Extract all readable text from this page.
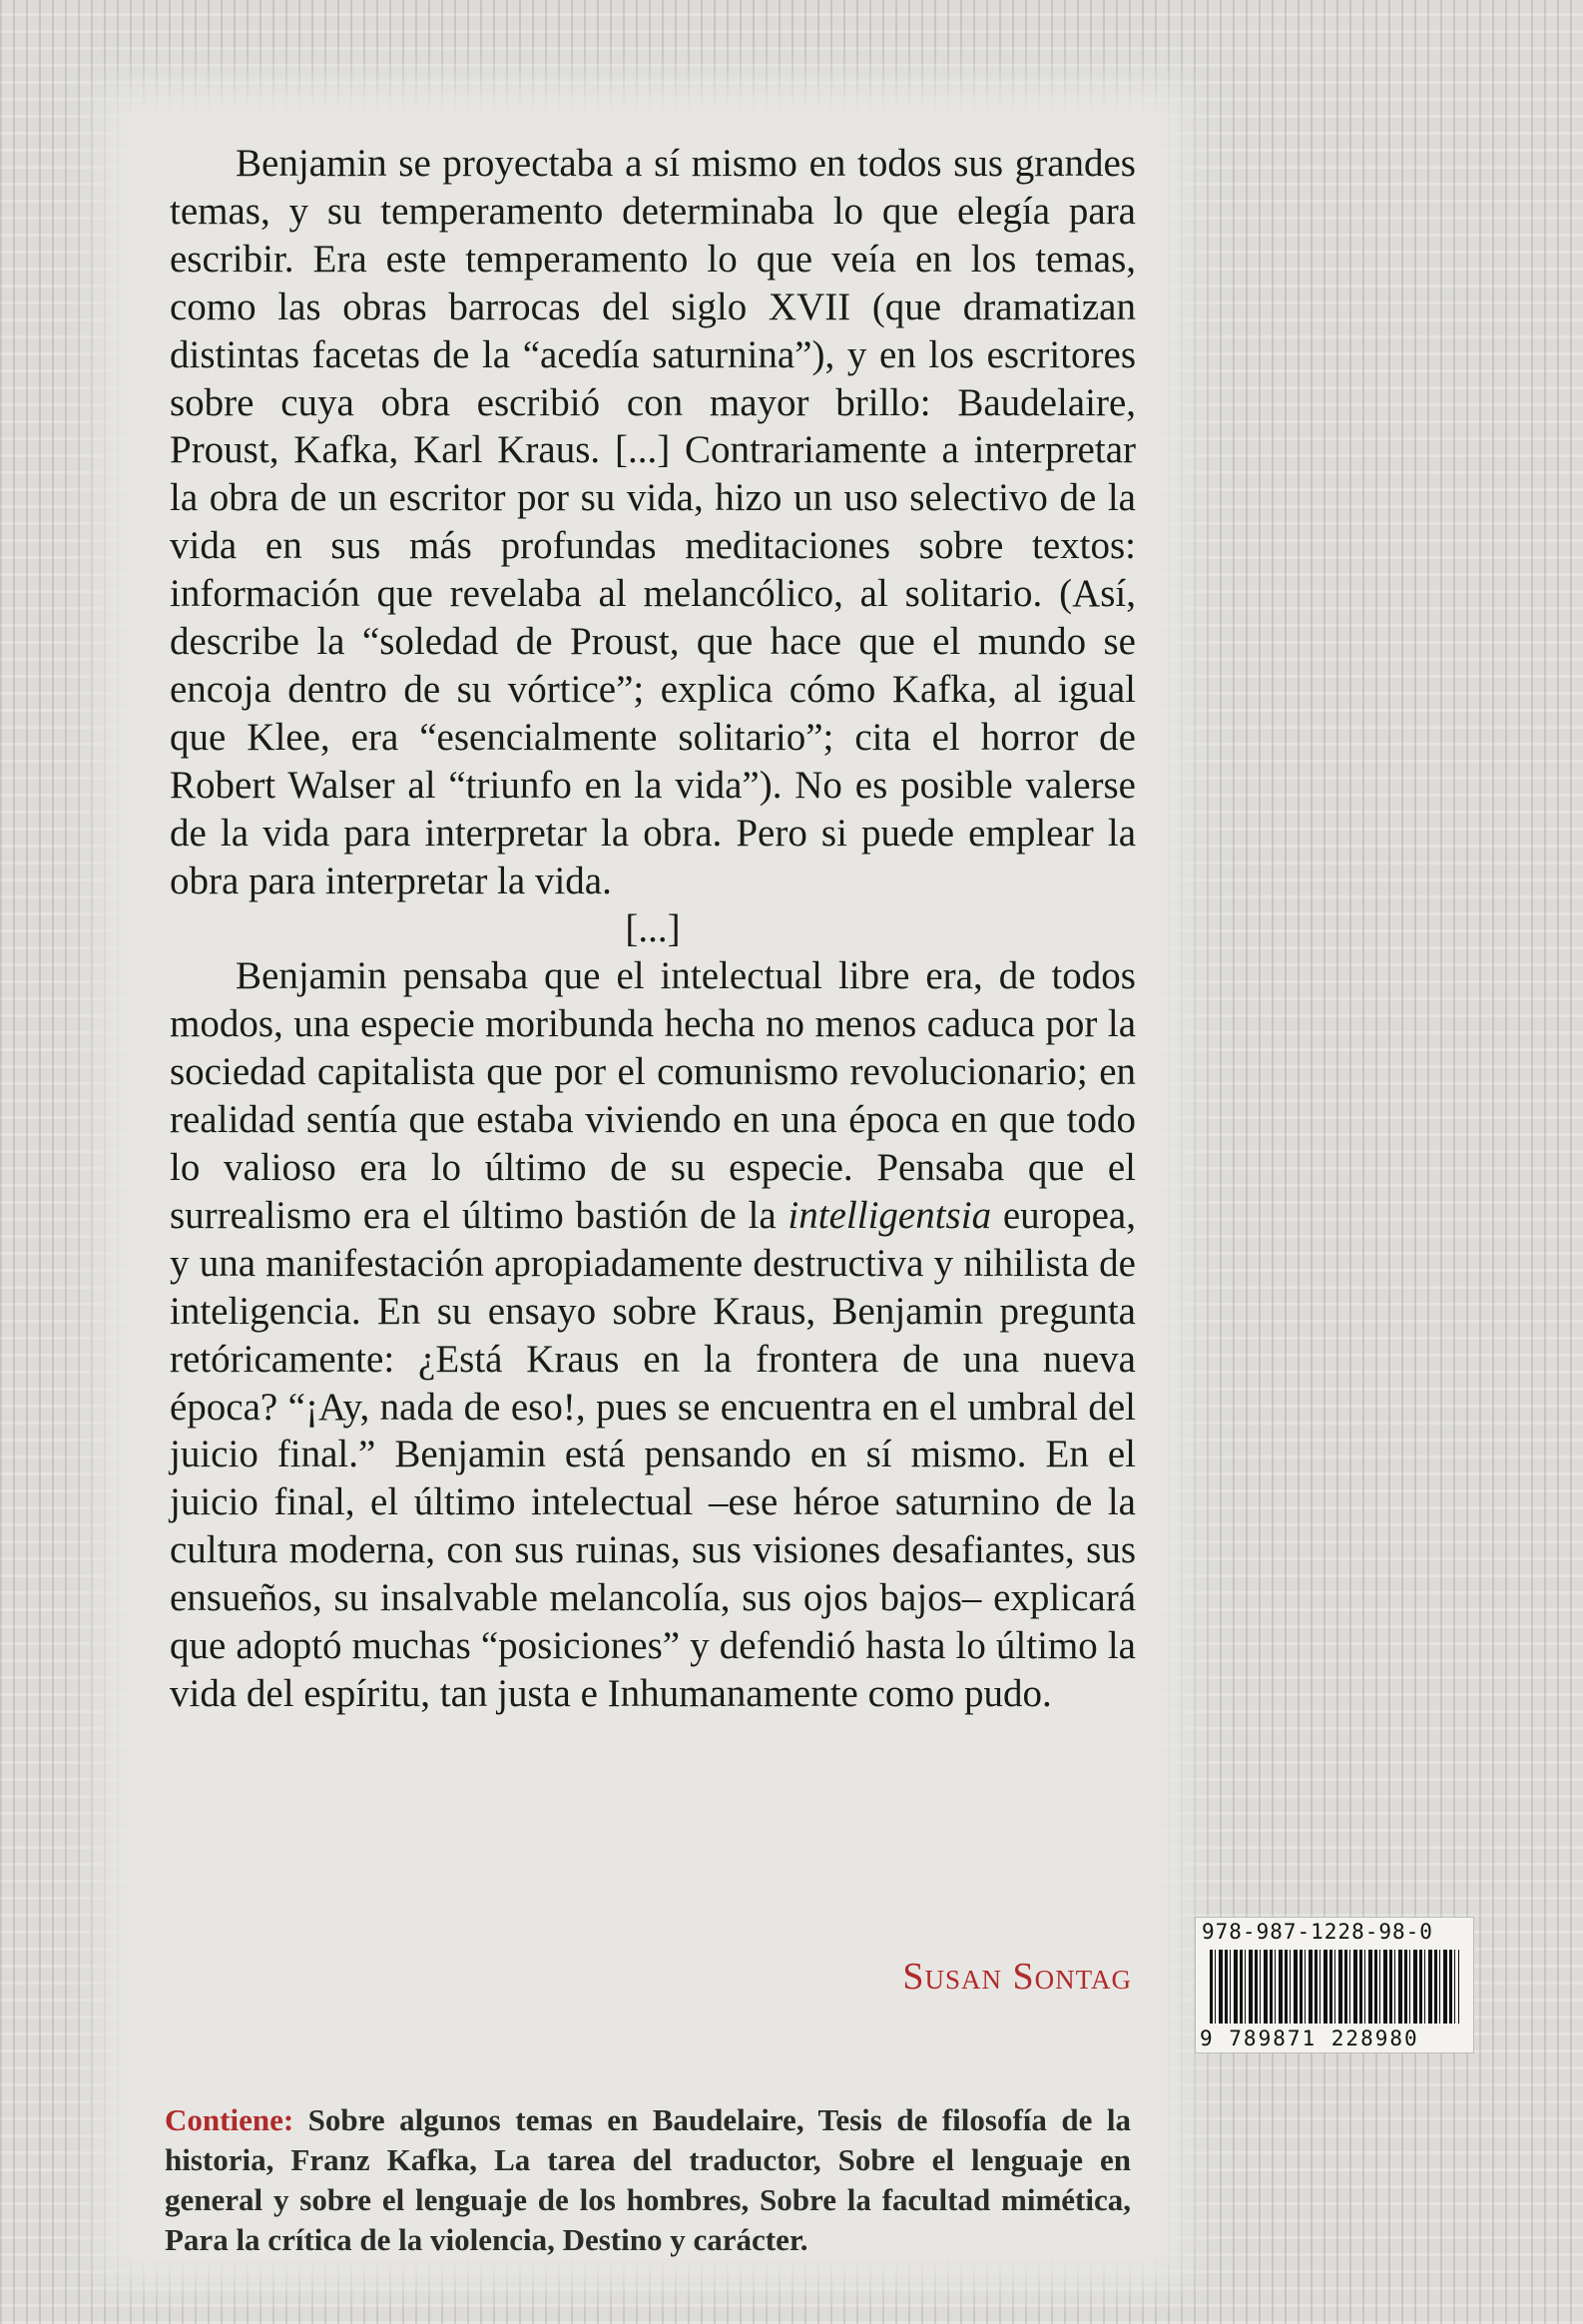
Benjamin se proyectaba a sí mismo en todos sus grandes temas, y su temperamento determinaba lo que elegía para escribir. Era este temperamento lo que veía en los temas, como las obras barrocas del siglo XVII (que dramatizan distintas facetas de la “acedía saturnina”), y en los escritores sobre cuya obra escribió con mayor brillo: Baudelaire, Proust, Kafka, Karl Kraus. [...] Contrariamente a interpretar la obra de un escritor por su vida, hizo un uso selectivo de la vida en sus más profundas meditaciones sobre textos: información que revelaba al melancólico, al solitario. (Así, describe la “soledad de Proust, que hace que el mundo se encoja dentro de su vórtice”; explica cómo Kafka, al igual que Klee, era “esencialmente solitario”; cita el horror de Robert Walser al “triunfo en la vida”). No es posible valerse de la vida para interpretar la obra. Pero si puede emplear la obra para interpretar la vida.

[...]

Benjamin pensaba que el intelectual libre era, de todos modos, una especie moribunda hecha no menos caduca por la sociedad capitalista que por el comunismo revolucionario; en realidad sentía que estaba viviendo en una época en que todo lo valioso era lo último de su especie. Pensaba que el surrealismo era el último bastión de la intelligentsia europea, y una manifestación apropiadamente destructiva y nihilista de inteligencia. En su ensayo sobre Kraus, Benjamin pregunta retóricamente: ¿Está Kraus en la frontera de una nueva época? “¡Ay, nada de eso!, pues se encuentra en el umbral del juicio final.” Benjamin está pensando en sí mismo. En el juicio final, el último intelectual –ese héroe saturnino de la cultura moderna, con sus ruinas, sus visiones desafiantes, sus ensueños, su insalvable melancolía, sus ojos bajos– explicará que adoptó muchas “posiciones” y defendió hasta lo último la vida del espíritu, tan justa e Inhumanamente como pudo.

Susan Sontag
978-987-1228-98-0
9 789871 228980
Contiene: Sobre algunos temas en Baudelaire, Tesis de filosofía de la historia, Franz Kafka, La tarea del traductor, Sobre el lenguaje en general y sobre el lenguaje de los hombres, Sobre la facultad mimética, Para la crítica de la violencia, Destino y carácter.
